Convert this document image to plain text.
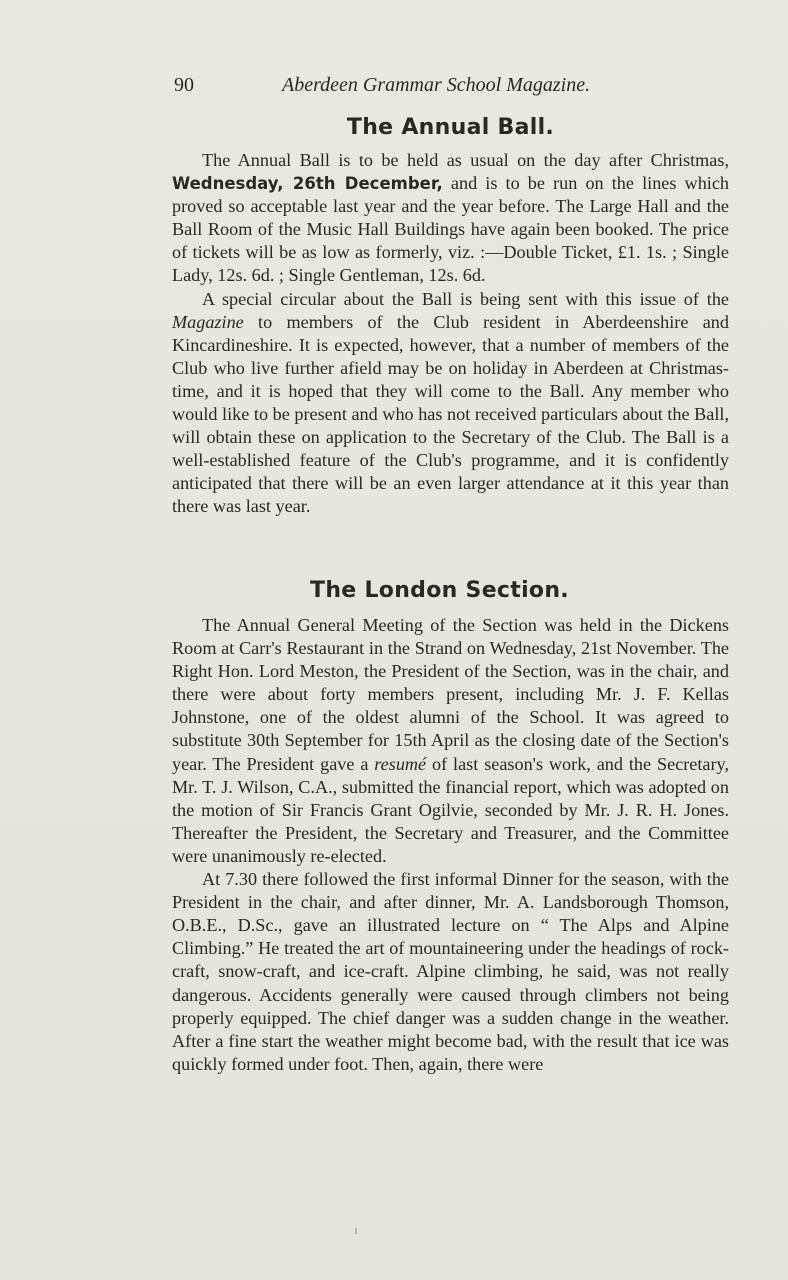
90	Aberdeen Grammar School Magazine.
The Annual Ball.

The Annual Ball is to be held as usual on the day after Christmas, Wednesday, 26th December, and is to be run on the lines which proved so acceptable last year and the year before. The Large Hall and the Ball Room of the Music Hall Buildings have again been booked. The price of tickets will be as low as formerly, viz. :—Double Ticket, £1. 1s. ; Single Lady, 12s. 6d. ; Single Gentleman, 12s. 6d.

A special circular about the Ball is being sent with this issue of the Magazine to members of the Club resident in Aberdeenshire and Kincardineshire. It is expected, however, that a number of members of the Club who live further afield may be on holiday in Aberdeen at Christmas-time, and it is hoped that they will come to the Ball. Any member who would like to be present and who has not received particulars about the Ball, will obtain these on application to the Secretary of the Club. The Ball is a well-established feature of the Club's programme, and it is confidently anticipated that there will be an even larger attendance at it this year than there was last year.

The London Section.

The Annual General Meeting of the Section was held in the Dickens Room at Carr's Restaurant in the Strand on Wednesday, 21st November. The Right Hon. Lord Meston, the President of the Section, was in the chair, and there were about forty members present, including Mr. J. F. Kellas Johnstone, one of the oldest alumni of the School. It was agreed to substitute 30th September for 15th April as the closing date of the Section's year. The President gave a resumé of last season's work, and the Secretary, Mr. T. J. Wilson, C.A., submitted the financial report, which was adopted on the motion of Sir Francis Grant Ogilvie, seconded by Mr. J. R. H. Jones. Thereafter the President, the Secretary and Treasurer, and the Committee were unanimously re-elected.

At 7.30 there followed the first informal Dinner for the season, with the President in the chair, and after dinner, Mr. A. Landsborough Thomson, O.B.E., D.Sc., gave an illustrated lecture on “ The Alps and Alpine Climbing.” He treated the art of mountaineering under the headings of rock-craft, snow-craft, and ice-craft. Alpine climbing, he said, was not really dangerous. Accidents generally were caused through climbers not being properly equipped. The chief danger was a sudden change in the weather. After a fine start the weather might become bad, with the result that ice was quickly formed under foot. Then, again, there were
